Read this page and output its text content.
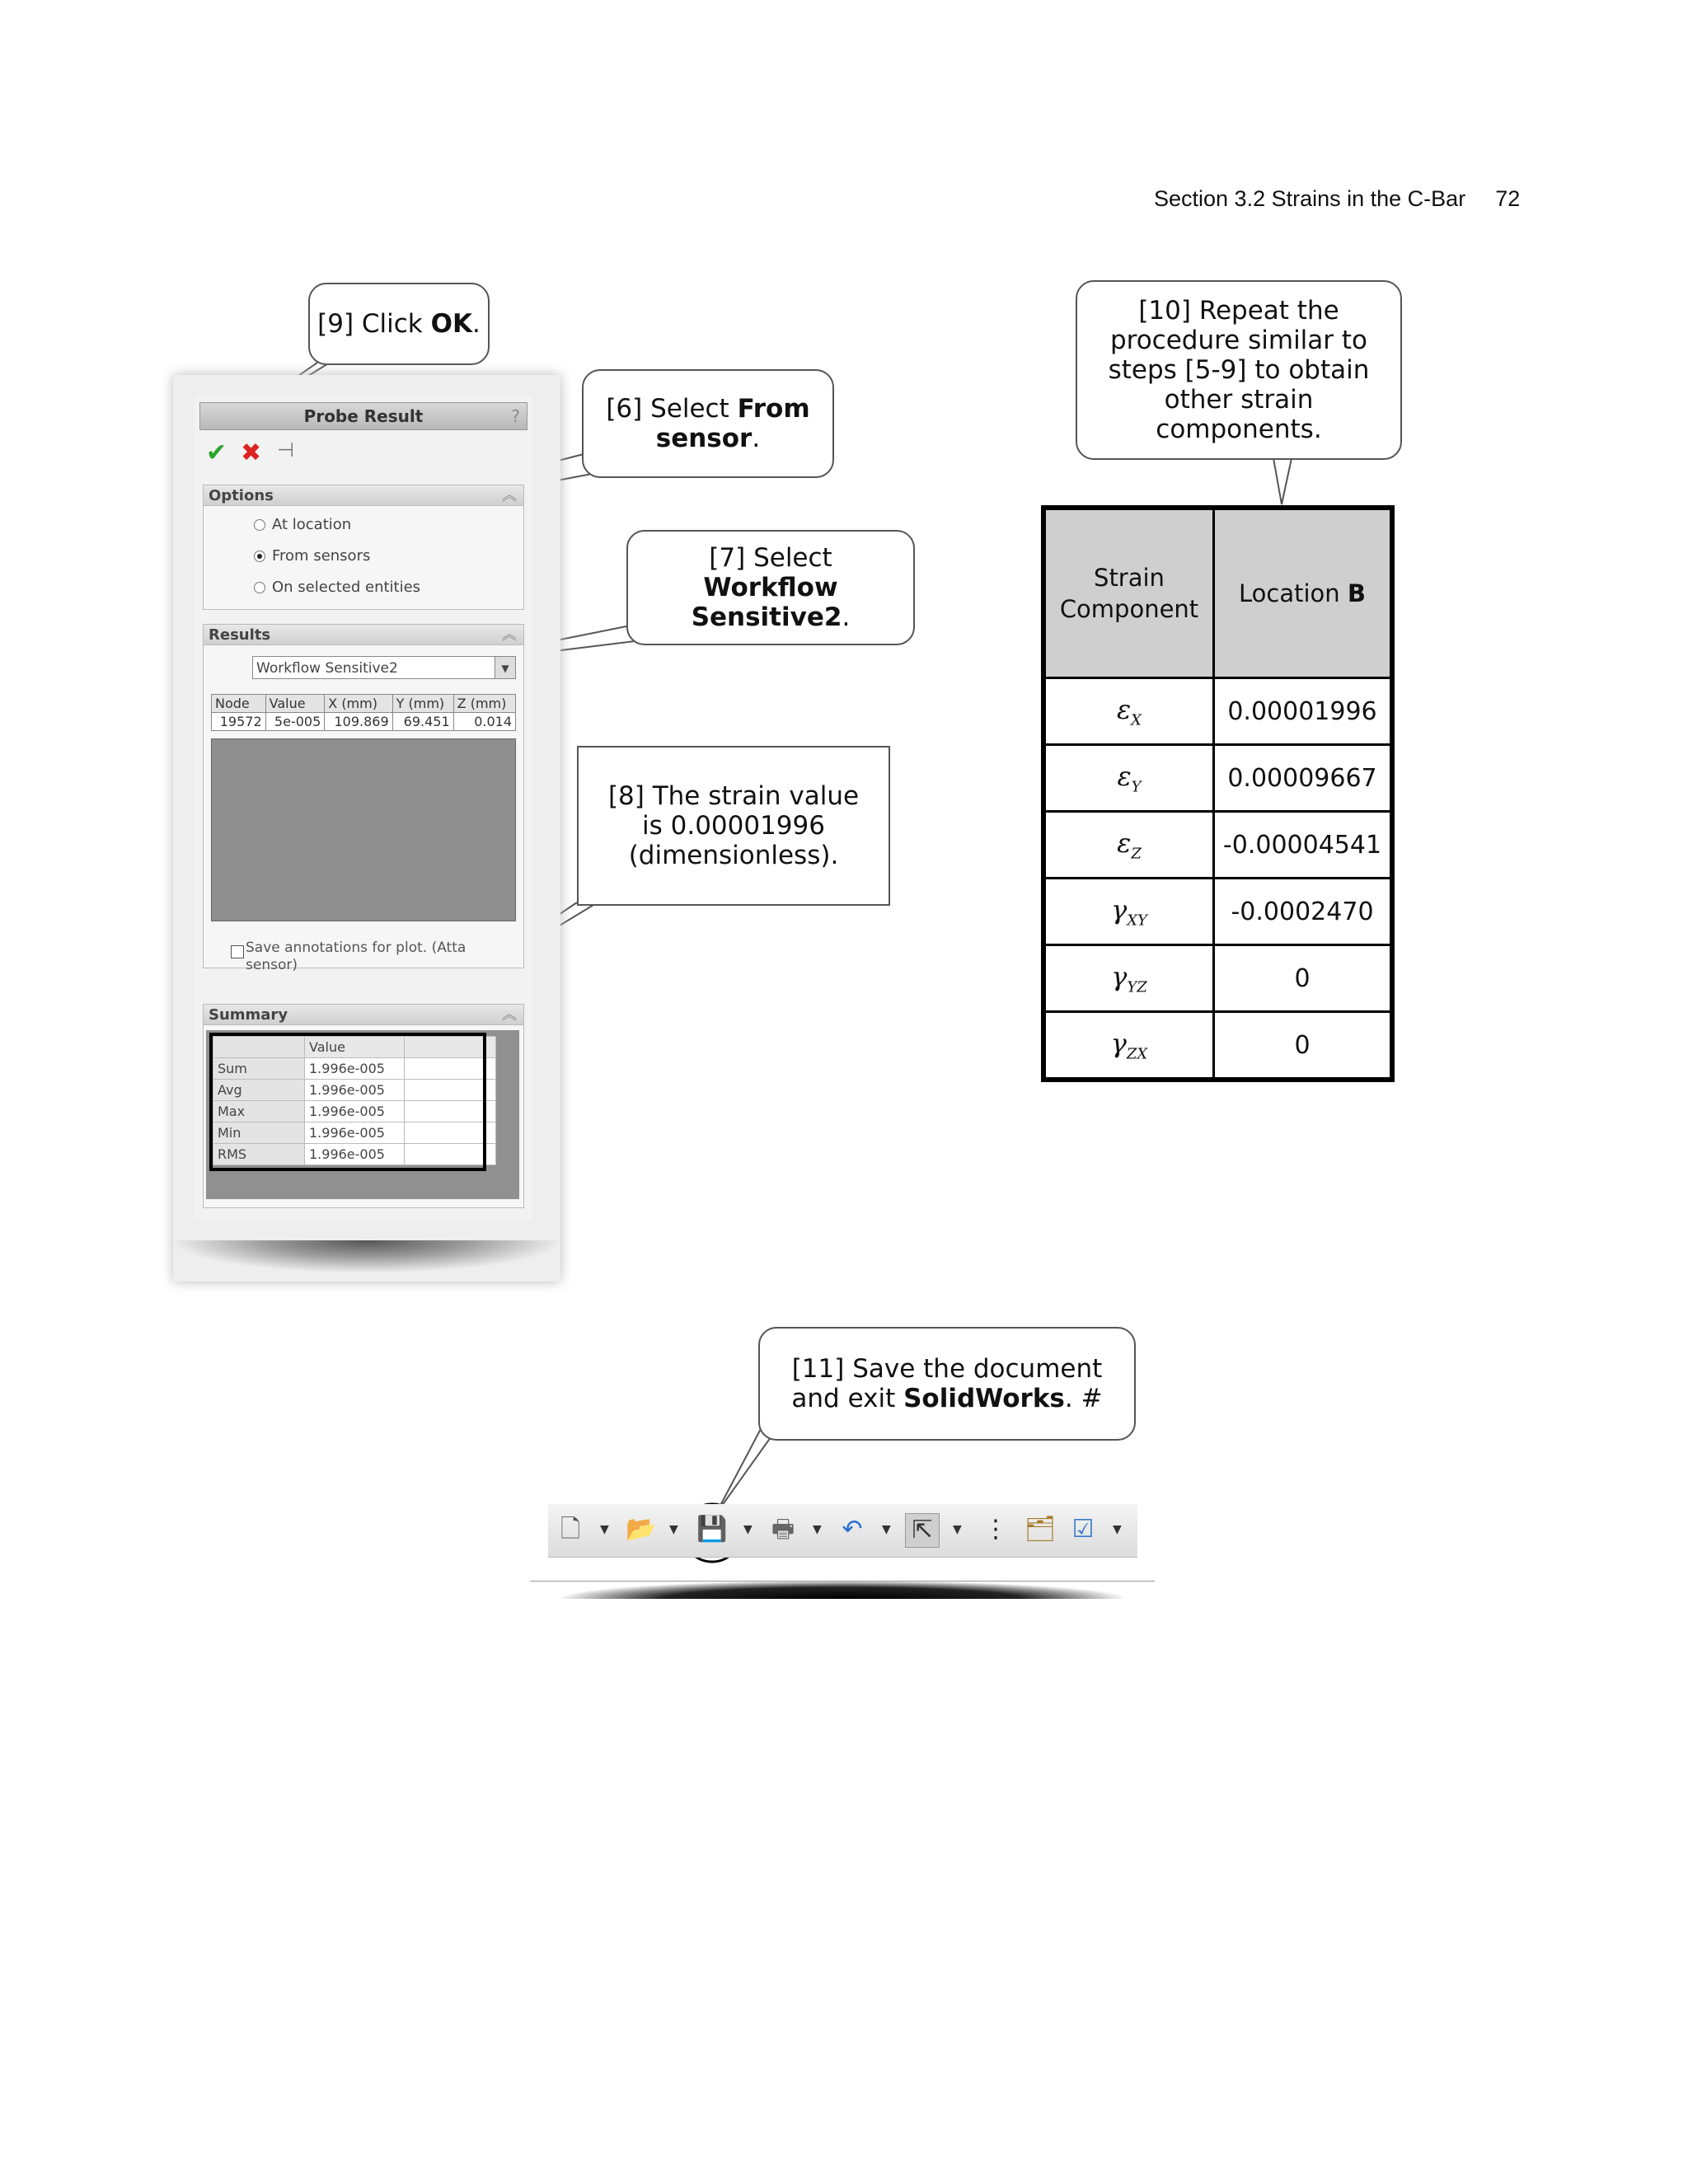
Section 3.2 Strains in the C-Bar 72
[9] Click OK.
[6] Select From sensor.
[7] Select Workflow Sensitive2.
[8] The strain value is 0.00001996 (dimensionless).
[10] Repeat the procedure similar to steps [5-9] to obtain other strain components.
[11] Save the document and exit SolidWorks. #
Probe Result	?
✔ ✖ ⊣
Options	︽
At location
From sensors
On selected entities
Results	︽
Workflow Sensitive2	▼
Node	Value	X (mm)	Y (mm)	Z (mm)
19572	5e-005	109.869	69.451	0.014
Save annotations for plot. (Atta
sensor)
Summary	︽
	Value	
Sum	1.996e-005	
Avg	1.996e-005	
Max	1.996e-005	
Min	1.996e-005	
RMS	1.996e-005	
🗋	▼ 📂 ▼ 💾 ▼ 🖶	▼ ↶	▼ ⇱	▼ ⋮ 🗂 ☑	▼
Strain
Component	Location B
$\varepsilon_X$	0.00001996
$\varepsilon_Y$	0.00009667
$\varepsilon_Z$	-0.00004541
$\gamma_{XY}$	-0.0002470
$\gamma_{YZ}$	0
$\gamma_{ZX}$	0
